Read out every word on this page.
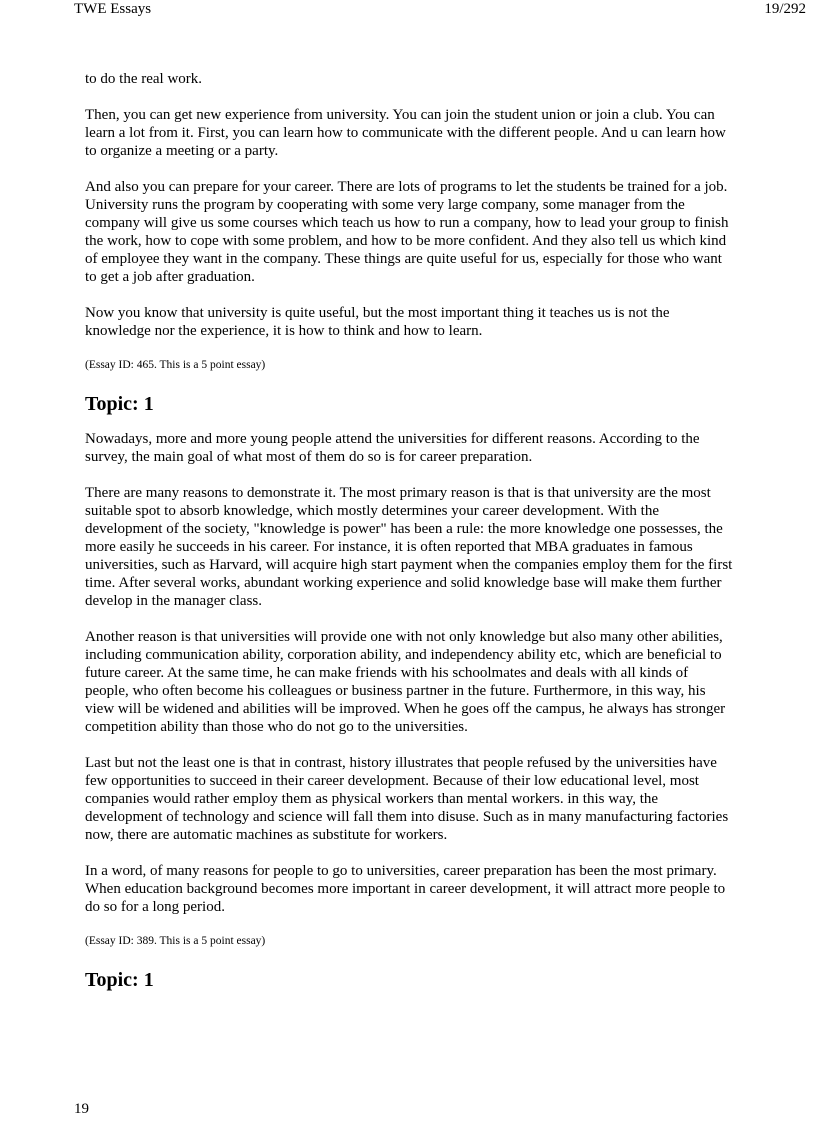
TWE Essays	19/292

to do the real work.

Then, you can get new experience from university. You can join the student union or join a club. You can learn a lot from it. First, you can learn how to communicate with the different people. And u can learn how to organize a meeting or a party.

And also you can prepare for your career. There are lots of programs to let the students be trained for a job. University runs the program by cooperating with some very large company, some manager from the company will give us some courses which teach us how to run a company, how to lead your group to finish the work, how to cope with some problem, and how to be more confident. And they also tell us which kind of employee they want in the company. These things are quite useful for us, especially for those who want to get a job after graduation.

Now you know that university is quite useful, but the most important thing it teaches us is not the knowledge nor the experience, it is how to think and how to learn.

(Essay ID: 465. This is a 5 point essay)

Topic: 1

Nowadays, more and more young people attend the universities for different reasons. According to the survey, the main goal of what most of them do so is for career preparation.

There are many reasons to demonstrate it. The most primary reason is that is that university are the most suitable spot to absorb knowledge, which mostly determines your career development. With the development of the society, "knowledge is power" has been a rule: the more knowledge one possesses, the more easily he succeeds in his career. For instance, it is often reported that MBA graduates in famous universities, such as Harvard, will acquire high start payment when the companies employ them for the first time. After several works, abundant working experience and solid knowledge base will make them further develop in the manager class.

Another reason is that universities will provide one with not only knowledge but also many other abilities, including communication ability, corporation ability, and independency ability etc, which are beneficial to future career. At the same time, he can make friends with his schoolmates and deals with all kinds of people, who often become his colleagues or business partner in the future. Furthermore, in this way, his view will be widened and abilities will be improved. When he goes off the campus, he always has stronger competition ability than those who do not go to the universities.

Last but not the least one is that in contrast, history illustrates that people refused by the universities have few opportunities to succeed in their career development. Because of their low educational level, most companies would rather employ them as physical workers than mental workers. in this way, the development of technology and science will fall them into disuse. Such as in many manufacturing factories now, there are automatic machines as substitute for workers.

In a word, of many reasons for people to go to universities, career preparation has been the most primary. When education background becomes more important in career development, it will attract more people to do so for a long period.

(Essay ID: 389. This is a 5 point essay)

Topic: 1
19
